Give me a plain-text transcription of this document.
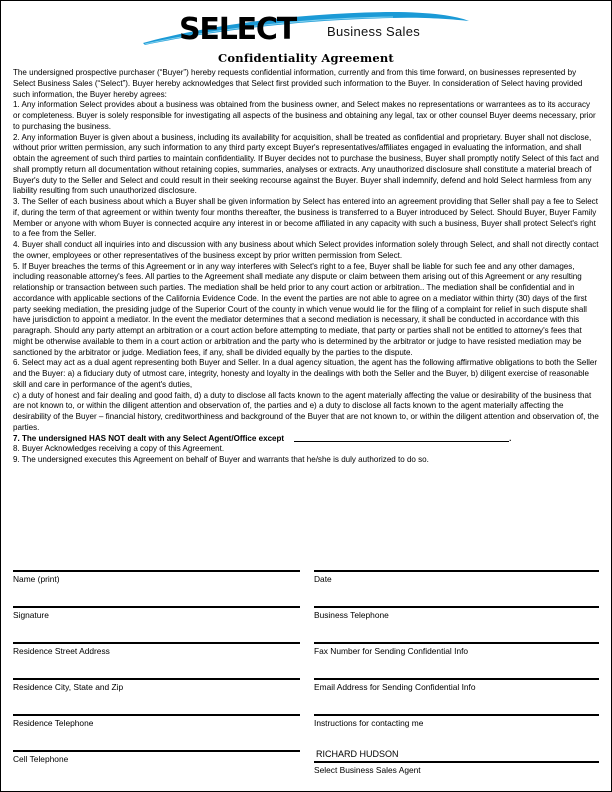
SELECT Business Sales
Confidentiality Agreement

The undersigned prospective purchaser (“Buyer”) hereby requests confidential information, currently and from this time forward, on businesses represented by Select Business Sales (“Select”). Buyer hereby acknowledges that Select first provided such information to the Buyer. In consideration of Select having provided such information, the Buyer hereby agrees:

1. Any information Select provides about a business was obtained from the business owner, and Select makes no representations or warrantees as to its accuracy or completeness. Buyer is solely responsible for investigating all aspects of the business and obtaining any legal, tax or other counsel Buyer deems necessary, prior to purchasing the business.

2. Any information Buyer is given about a business, including its availability for acquisition, shall be treated as confidential and proprietary. Buyer shall not disclose, without prior written permission, any such information to any third party except Buyer's representatives/affiliates engaged in evaluating the information, and shall obtain the agreement of such third parties to maintain confidentiality. If Buyer decides not to purchase the business, Buyer shall promptly notify Select of this fact and shall promptly return all documentation without retaining copies, summaries, analyses or extracts. Any unauthorized disclosure shall constitute a material breach of Buyer's duty to the Seller and Select and could result in their seeking recourse against the Buyer. Buyer shall indemnify, defend and hold Select harmless from any liability resulting from such unauthorized disclosure.

3. The Seller of each business about which a Buyer shall be given information by Select has entered into an agreement providing that Seller shall pay a fee to Select if, during the term of that agreement or within twenty four months thereafter, the business is transferred to a Buyer introduced by Select. Should Buyer, Buyer Family Member or anyone with whom Buyer is connected acquire any interest in or become affiliated in any capacity with such a business, Buyer shall protect Select's right to a fee from the Seller.

4. Buyer shall conduct all inquiries into and discussion with any business about which Select provides information solely through Select, and shall not directly contact the owner, employees or other representatives of the business except by prior written permission from Select.

5. If Buyer breaches the terms of this Agreement or in any way interferes with Select's right to a fee, Buyer shall be liable for such fee and any other damages, including reasonable attorney's fees. All parties to the Agreement shall mediate any dispute or claim between them arising out of this Agreement or any resulting relationship or transaction between such parties. The mediation shall be held prior to any court action or arbitration.. The mediation shall be confidential and in accordance with applicable sections of the California Evidence Code. In the event the parties are not able to agree on a mediator within thirty (30) days of the first party seeking mediation, the presiding judge of the Superior Court of the county in which venue would lie for the filing of a complaint for relief in such dispute shall have jurisdiction to appoint a mediator. In the event the mediator determines that a second mediation is necessary, it shall be conducted in accordance with this paragraph. Should any party attempt an arbitration or a court action before attempting to mediate, that party or parties shall not be entitled to attorney's fees that might be otherwise available to them in a court action or arbitration and the party who is determined by the arbitrator or judge to have resisted mediation may be sanctioned by the arbitrator or judge. Mediation fees, if any, shall be divided equally by the parties to the dispute.

6. Select may act as a dual agent representing both Buyer and Seller. In a dual agency situation, the agent has the following affirmative obligations to both the Seller and the Buyer: a) a fiduciary duty of utmost care, integrity, honesty and loyalty in the dealings with both the Seller and the Buyer, b) diligent exercise of reasonable skill and care in performance of the agent's duties,

c) a duty of honest and fair dealing and good faith, d) a duty to disclose all facts known to the agent materially affecting the value or desirability of the business that are not known to, or within the diligent attention and observation of, the parties and e) a duty to disclose all facts known to the agent materially affecting the desirability of the Buyer – financial history, creditworthiness and background of the Buyer that are not known to, or within the diligent attention and observation of, the parties.

7. The undersigned HAS NOT dealt with any Select Agent/Office except	.

8. Buyer Acknowledges receiving a copy of this Agreement.

9. The undersigned executes this Agreement on behalf of Buyer and warrants that he/she is duly authorized to do so.

Name (print)	Date
Signature	Business Telephone
Residence Street Address	Fax Number for Sending Confidential Info
Residence City, State and Zip	Email Address for Sending Confidential Info
Residence Telephone	Instructions for contacting me
Cell Telephone	RICHARD HUDSON
Select Business Sales Agent
